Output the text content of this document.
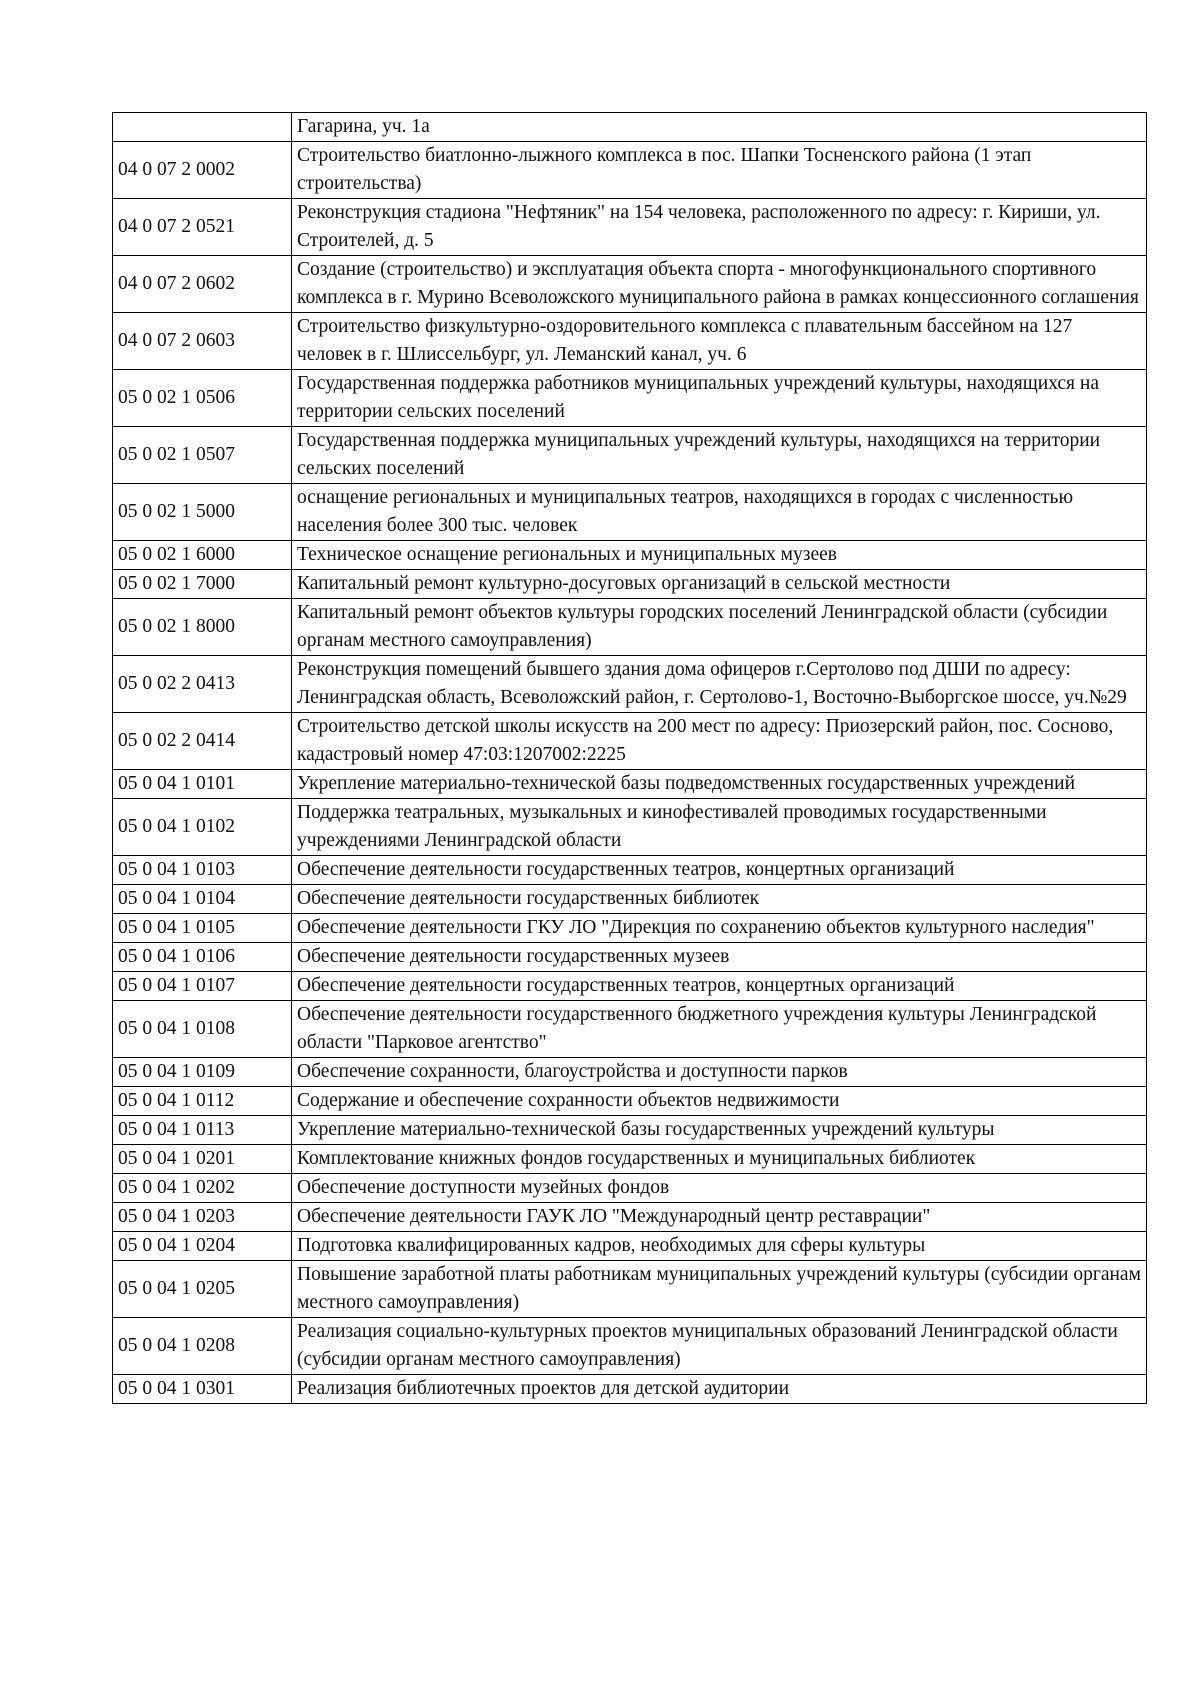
	Гагарина, уч. 1а
04 0 07 2 0002	Строительство биатлонно-лыжного комплекса в пос. Шапки Тосненского района (1 этап строительства)
04 0 07 2 0521	Реконструкция стадиона "Нефтяник" на 154 человека, расположенного по адресу: г. Кириши, ул. Строителей, д. 5
04 0 07 2 0602	Создание (строительство) и эксплуатация объекта спорта - многофункционального спортивного комплекса в г. Мурино Всеволожского муниципального района в рамках концессионного соглашения
04 0 07 2 0603	Строительство физкультурно-оздоровительного комплекса с плавательным бассейном на 127 человек в г. Шлиссельбург, ул. Леманский канал, уч. 6
05 0 02 1 0506	Государственная поддержка работников муниципальных учреждений культуры, находящихся на территории сельских поселений
05 0 02 1 0507	Государственная поддержка муниципальных учреждений культуры, находящихся на территории сельских поселений
05 0 02 1 5000	оснащение региональных и муниципальных театров, находящихся в городах с численностью населения более 300 тыс. человек
05 0 02 1 6000	Техническое оснащение региональных и муниципальных музеев
05 0 02 1 7000	Капитальный ремонт культурно-досуговых организаций в сельской местности
05 0 02 1 8000	Капитальный ремонт объектов культуры городских поселений Ленинградской области (субсидии органам местного самоуправления)
05 0 02 2 0413	Реконструкция помещений бывшего здания дома офицеров г.Сертолово под ДШИ по адресу: Ленинградская область, Всеволожский район, г. Сертолово-1, Восточно-Выборгское шоссе, уч.№29
05 0 02 2 0414	Строительство детской школы искусств на 200 мест по адресу: Приозерский район, пос. Сосново, кадастровый номер 47:03:1207002:2225
05 0 04 1 0101	Укрепление материально-технической базы подведомственных государственных учреждений
05 0 04 1 0102	Поддержка театральных, музыкальных и кинофестивалей проводимых государственными учреждениями Ленинградской области
05 0 04 1 0103	Обеспечение деятельности государственных театров, концертных организаций
05 0 04 1 0104	Обеспечение деятельности государственных библиотек
05 0 04 1 0105	Обеспечение деятельности ГКУ ЛО "Дирекция по сохранению объектов культурного наследия"
05 0 04 1 0106	Обеспечение деятельности государственных музеев
05 0 04 1 0107	Обеспечение деятельности государственных театров, концертных организаций
05 0 04 1 0108	Обеспечение деятельности государственного бюджетного учреждения культуры Ленинградской области "Парковое агентство"
05 0 04 1 0109	Обеспечение сохранности, благоустройства и доступности парков
05 0 04 1 0112	Содержание и обеспечение сохранности объектов недвижимости
05 0 04 1 0113	Укрепление материально-технической базы государственных учреждений культуры
05 0 04 1 0201	Комплектование книжных фондов государственных и муниципальных библиотек
05 0 04 1 0202	Обеспечение доступности музейных фондов
05 0 04 1 0203	Обеспечение деятельности ГАУК ЛО "Международный центр реставрации"
05 0 04 1 0204	Подготовка квалифицированных кадров, необходимых для сферы культуры
05 0 04 1 0205	Повышение заработной платы работникам муниципальных учреждений культуры (субсидии органам местного самоуправления)
05 0 04 1 0208	Реализация социально-культурных проектов муниципальных образований Ленинградской области (субсидии органам местного самоуправления)
05 0 04 1 0301	Реализация библиотечных проектов для детской аудитории
